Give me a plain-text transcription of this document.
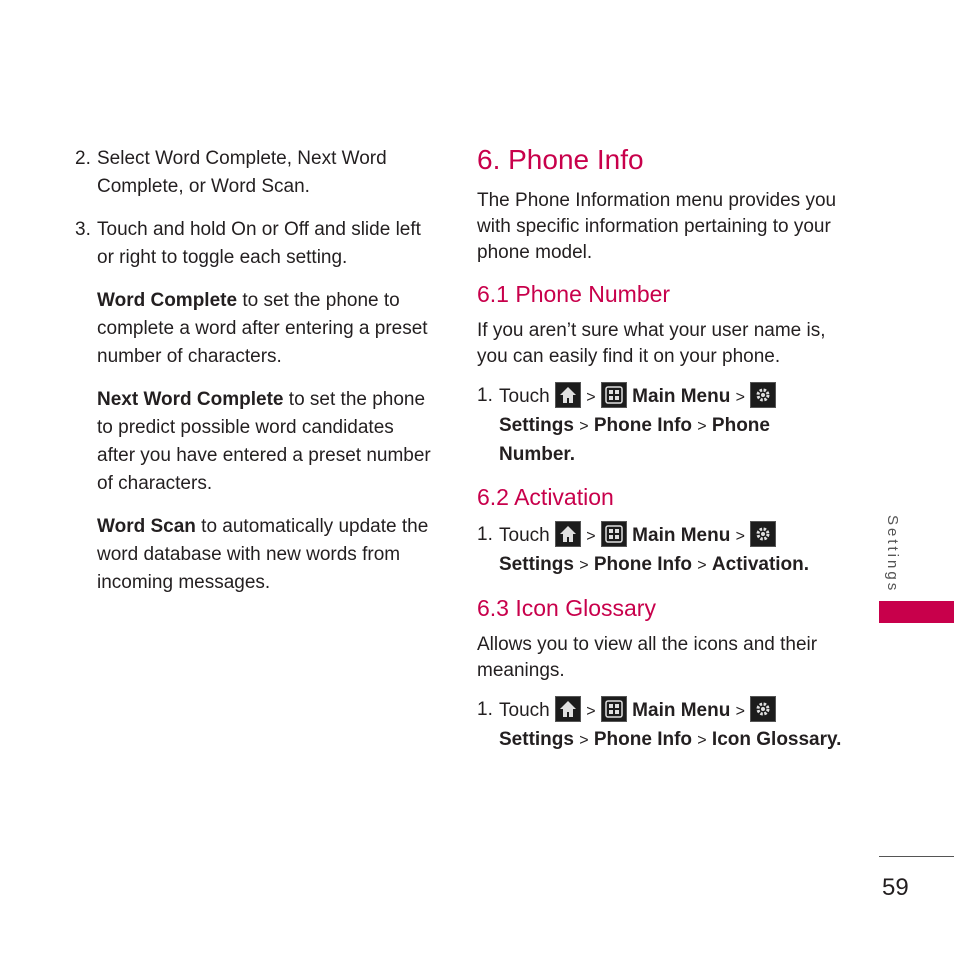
2. Select Word Complete, Next Word Complete, or Word Scan.
3. Touch and hold On or Off and slide left or right to toggle each setting.
Word Complete to set the phone to complete a word after entering a preset number of characters.
Next Word Complete to set the phone to predict possible word candidates after you have entered a preset number of characters.
Word Scan to automatically update the word database with new words from incoming messages.
6. Phone Info

The Phone Information menu provides you with specific information pertaining to your phone model.

6.1 Phone Number

If you aren’t sure what your user name is, you can easily find it on your phone.

1. Touch > Main Menu >

Settings > Phone Info > Phone Number.
6.2 Activation
1. Touch > Main Menu >

Settings > Phone Info > Activation.
6.3 Icon Glossary

Allows you to view all the icons and their meanings.

1. Touch > Main Menu >

Settings > Phone Info > Icon Glossary.
Settings
59
